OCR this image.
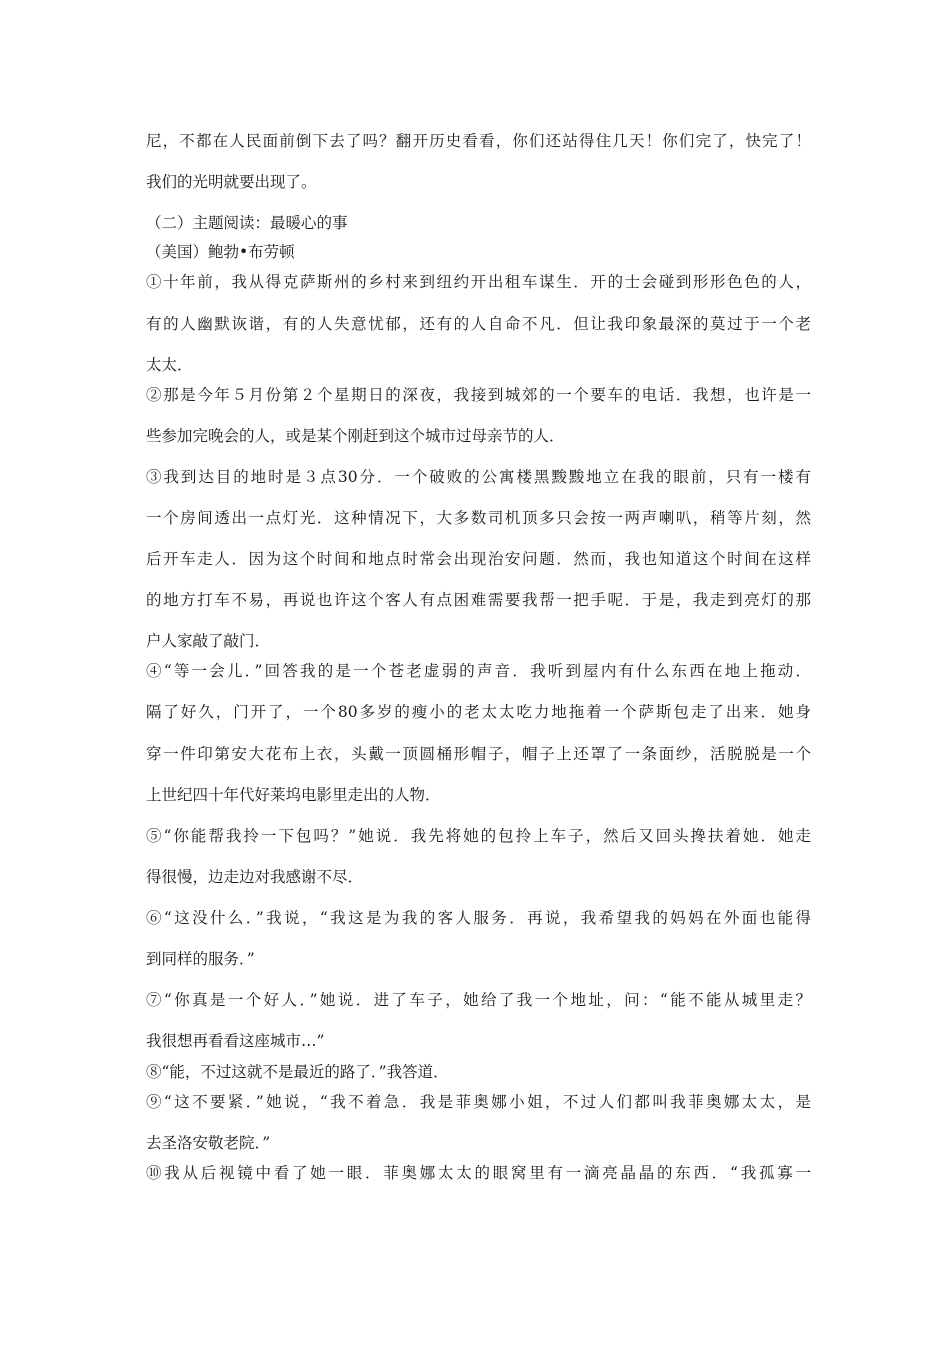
尼，不都在人民面前倒下去了吗？翻开历史看看，你们还站得住几天！你们完了，快完了！
我们的光明就要出现了。
（二）主题阅读：最暖心的事
（美国）鲍勃•布劳顿
①十年前，我从得克萨斯州的乡村来到纽约开出租车谋生．开的士会碰到形形色色的人，
有的人幽默诙谐，有的人失意忧郁，还有的人自命不凡．但让我印象最深的莫过于一个老
太太．
②那是今年５月份第２个星期日的深夜，我接到城郊的一个要车的电话．我想，也许是一
些参加完晚会的人，或是某个刚赶到这个城市过母亲节的人．
③我到达目的地时是３点30分．一个破败的公寓楼黑黢黢地立在我的眼前，只有一楼有
一个房间透出一点灯光．这种情况下，大多数司机顶多只会按一两声喇叭，稍等片刻，然
后开车走人．因为这个时间和地点时常会出现治安问题．然而，我也知道这个时间在这样
的地方打车不易，再说也许这个客人有点困难需要我帮一把手呢．于是，我走到亮灯的那
户人家敲了敲门．
④“等一会儿．”回答我的是一个苍老虚弱的声音．我听到屋内有什么东西在地上拖动．
隔了好久，门开了，一个80多岁的瘦小的老太太吃力地拖着一个萨斯包走了出来．她身
穿一件印第安大花布上衣，头戴一顶圆桶形帽子，帽子上还罩了一条面纱，活脱脱是一个
上世纪四十年代好莱坞电影里走出的人物．
⑤“你能帮我拎一下包吗？”她说．我先将她的包拎上车子，然后又回头搀扶着她．她走
得很慢，边走边对我感谢不尽．
⑥“这没什么．”我说，“我这是为我的客人服务．再说，我希望我的妈妈在外面也能得
到同样的服务．”
⑦“你真是一个好人．”她说．进了车子，她给了我一个地址，问：“能不能从城里走？
我很想再看看这座城市…”
⑧“能，不过这就不是最近的路了．”我答道．
⑨“这不要紧．”她说，“我不着急．我是菲奥娜小姐，不过人们都叫我菲奥娜太太，是
去圣洛安敬老院．”
⑩我从后视镜中看了她一眼．菲奥娜太太的眼窝里有一滴亮晶晶的东西．“我孤寡一
